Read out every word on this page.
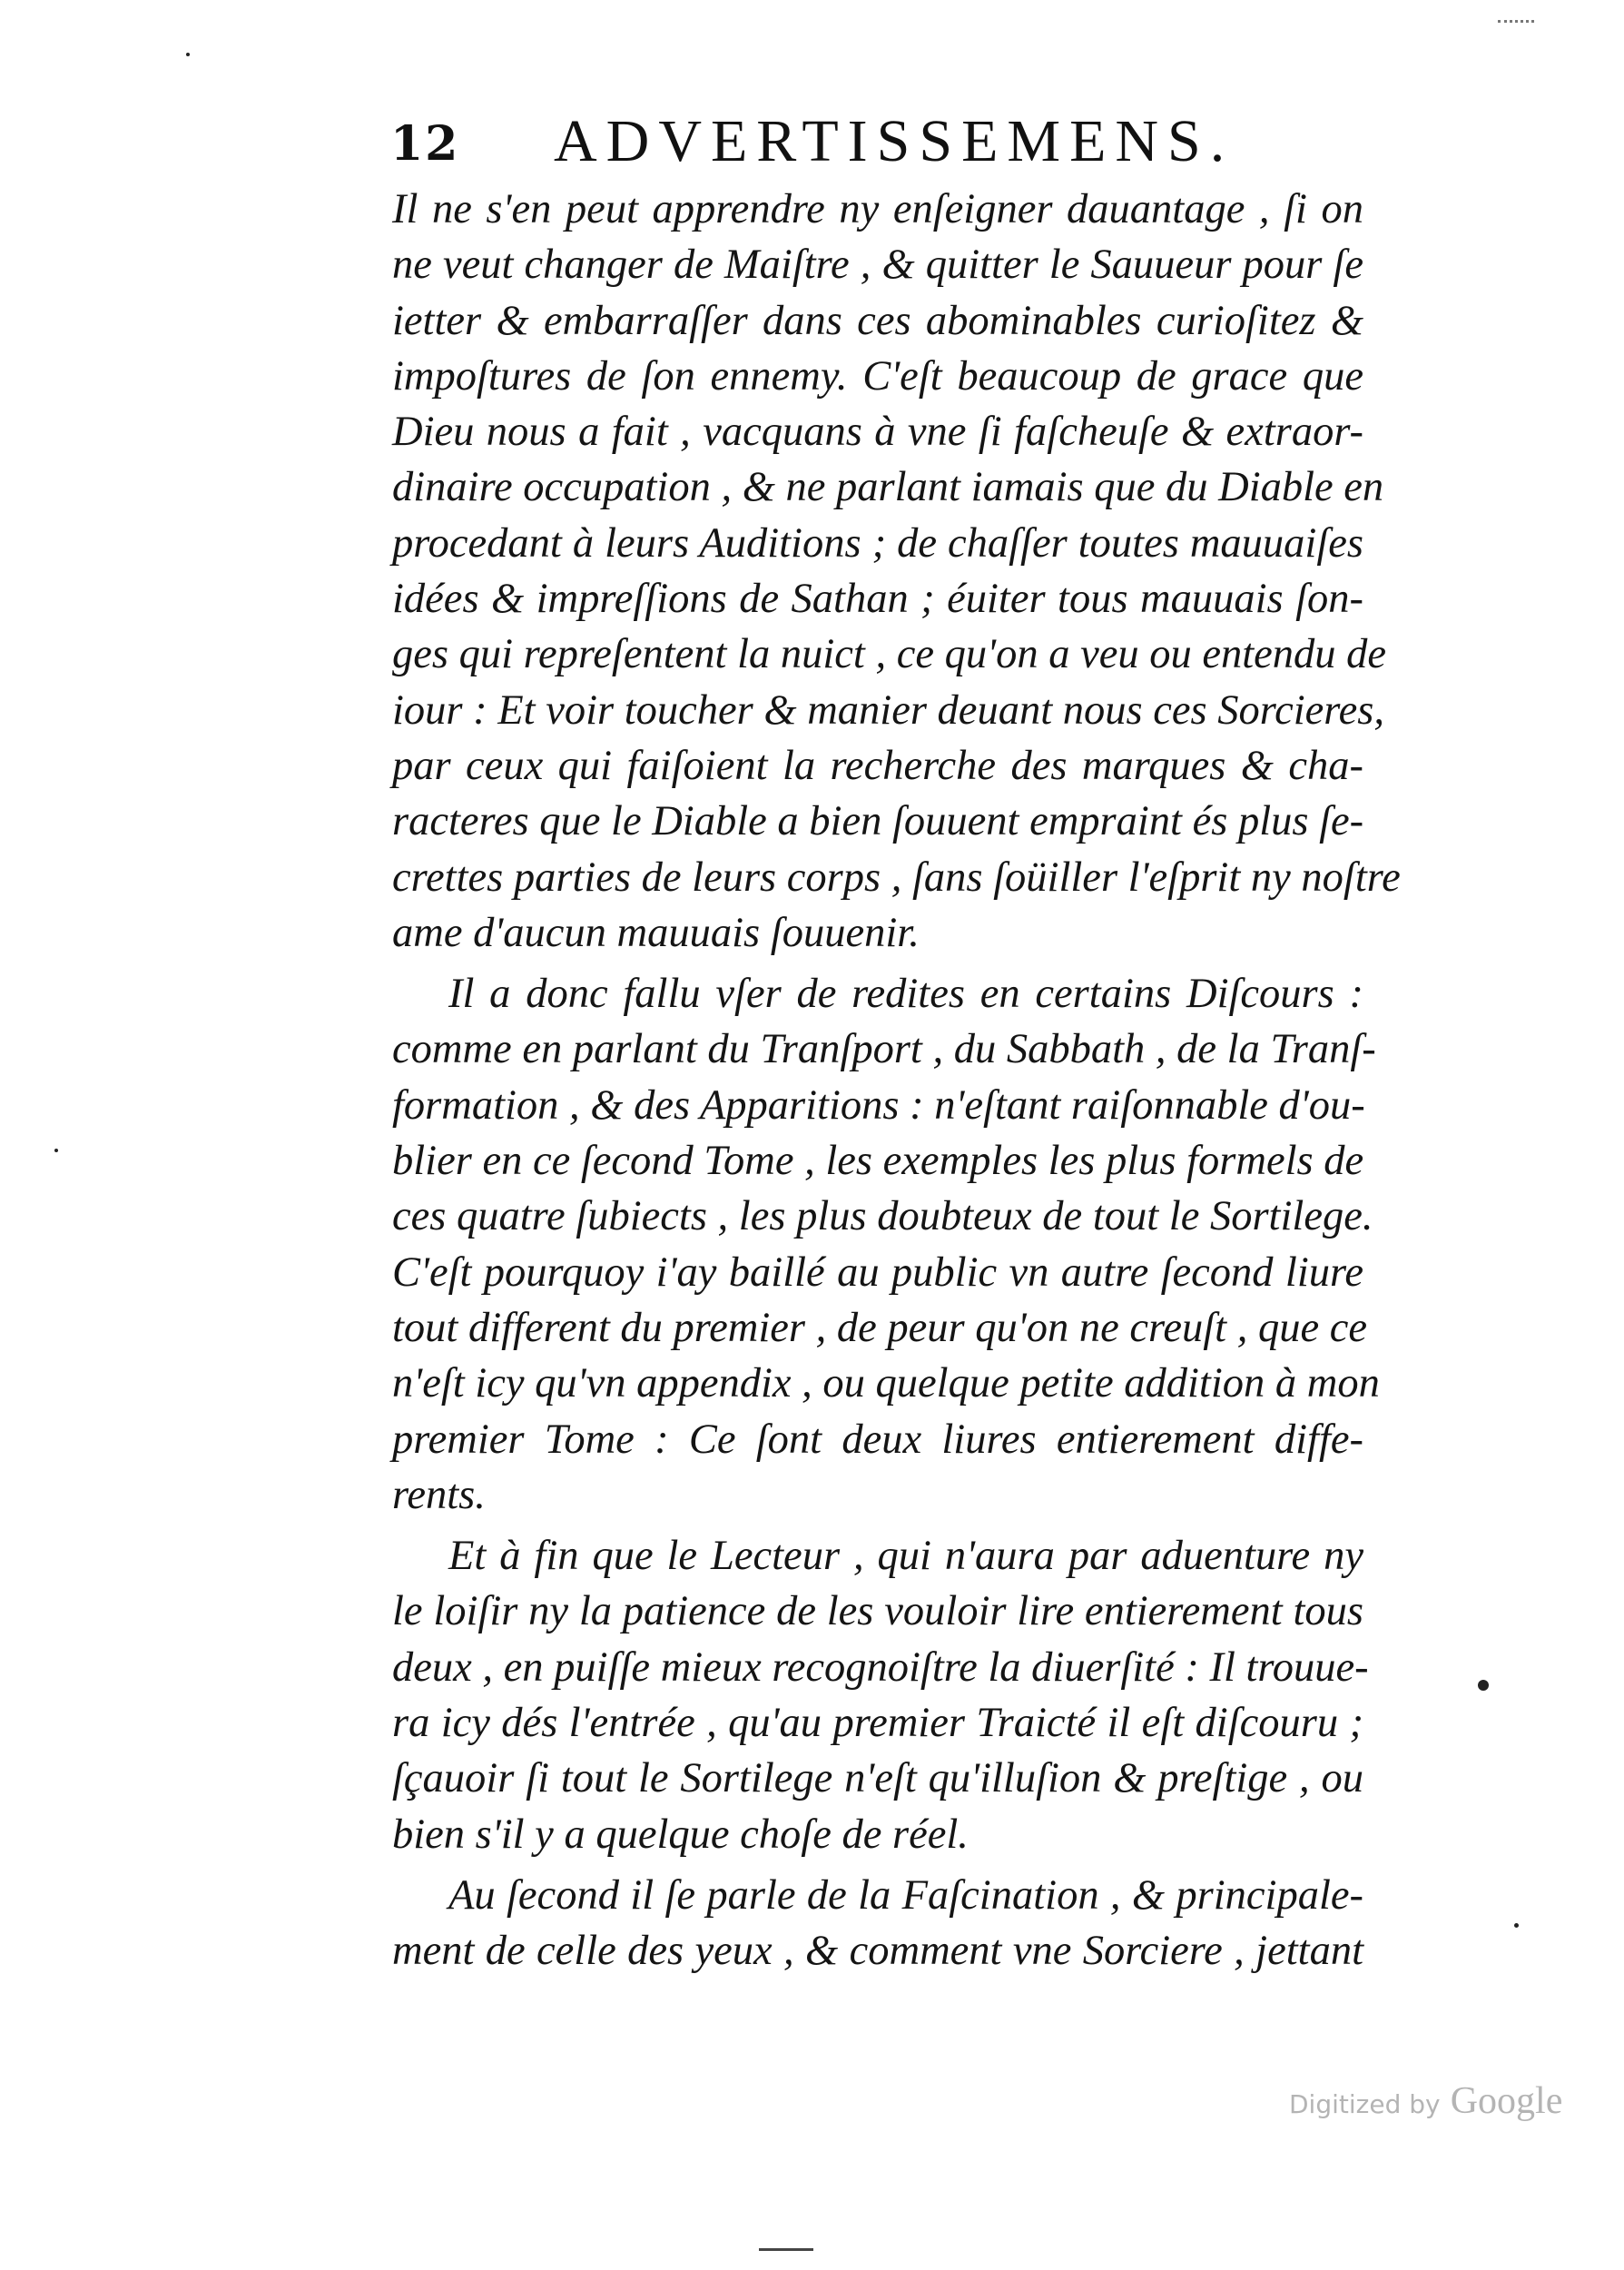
12 ADVERTISSEMENS.
Il ne s'en peut apprendre ny enſeigner dauantage , ſi on
ne veut changer de Maiſtre , & quitter le Sauueur pour ſe
ietter & embarraſſer dans ces abominables curioſitez &
impoſtures de ſon ennemy. C'eſt beaucoup de grace que
Dieu nous a fait , vacquans à vne ſi faſcheuſe & extraor-
dinaire occupation , & ne parlant iamais que du Diable en
procedant à leurs Auditions ; de chaſſer toutes mauuaiſes
idées & impreſſions de Sathan ; éuiter tous mauuais ſon-
ges qui repreſentent la nuict , ce qu'on a veu ou entendu de
iour : Et voir toucher & manier deuant nous ces Sorcieres,
par ceux qui faiſoient la recherche des marques & cha-
racteres que le Diable a bien ſouuent empraint és plus ſe-
crettes parties de leurs corps , ſans ſoüiller l'eſprit ny noſtre
ame d'aucun mauuais ſouuenir.
Il a donc fallu vſer de redites en certains Diſcours :
comme en parlant du Tranſport , du Sabbath , de la Tranſ-
formation , & des Apparitions : n'eſtant raiſonnable d'ou-
blier en ce ſecond Tome , les exemples les plus formels de
ces quatre ſubiects , les plus doubteux de tout le Sortilege.
C'eſt pourquoy i'ay baillé au public vn autre ſecond liure
tout different du premier , de peur qu'on ne creuſt , que ce
n'eſt icy qu'vn appendix , ou quelque petite addition à mon
premier Tome : Ce ſont deux liures entierement diffe-
rents.
Et à fin que le Lecteur , qui n'aura par aduenture ny
le loiſir ny la patience de les vouloir lire entierement tous
deux , en puiſſe mieux recognoiſtre la diuerſité : Il trouue-
ra icy dés l'entrée , qu'au premier Traicté il eſt diſcouru ;
ſçauoir ſi tout le Sortilege n'eſt qu'illuſion & preſtige , ou
bien s'il y a quelque choſe de réel.
Au ſecond il ſe parle de la Faſcination , & principale-
ment de celle des yeux , & comment vne Sorciere , jettant
Digitized by Google
